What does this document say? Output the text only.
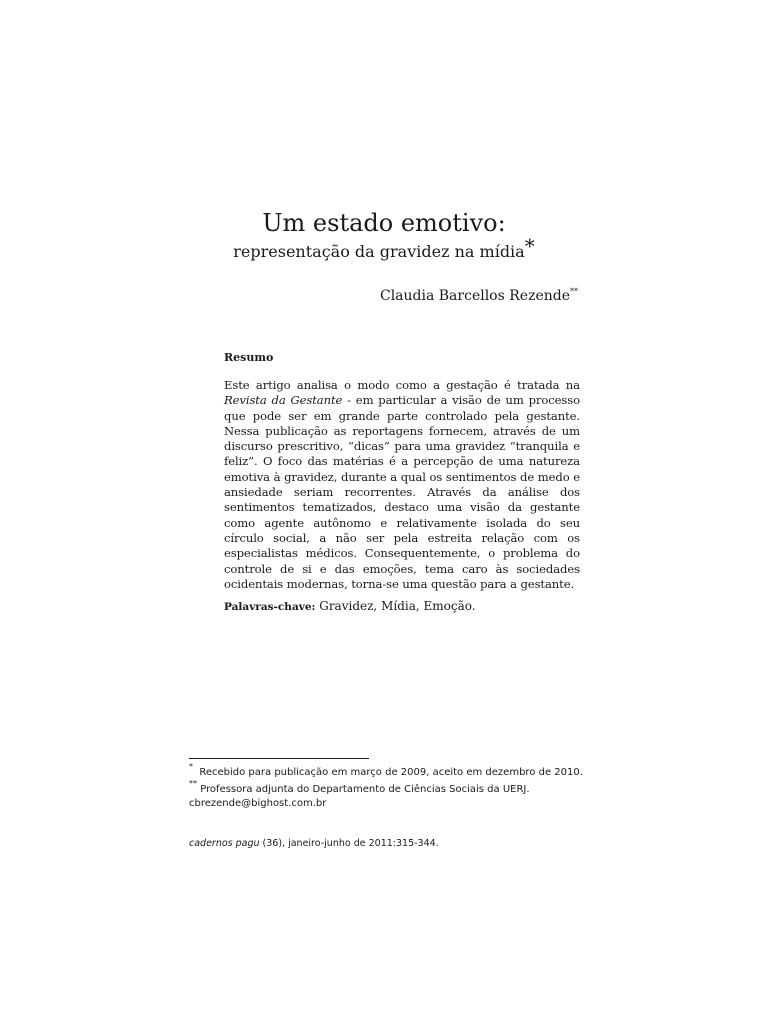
Um estado emotivo:
representação da gravidez na mídia*
Claudia Barcellos Rezende**
Resumo

Este artigo analisa o modo como a gestação é tratada na Revista da Gestante - em particular a visão de um processo que pode ser em grande parte controlado pela gestante. Nessa publicação as reportagens fornecem, através de um discurso prescritivo, “dicas” para uma gravidez “tranquila e feliz”. O foco das matérias é a percepção de uma natureza emotiva à gravidez, durante a qual os sentimentos de medo e ansiedade seriam recorrentes. Através da análise dos sentimentos tematizados, destaco uma visão da gestante como agente autônomo e relativamente isolada do seu círculo social, a não ser pela estreita relação com os especialistas médicos. Consequentemente, o problema do controle de si e das emoções, tema caro às sociedades ocidentais modernas, torna-se uma questão para a gestante.

Palavras-chave: Gravidez, Mídia, Emoção.
*  Recebido para publicação em março de 2009, aceito em dezembro de 2010.
** Professora adjunta do Departamento de Ciências Sociais da UERJ.
cbrezende@bighost.com.br
cadernos pagu (36), janeiro-junho de 2011:315-344.
